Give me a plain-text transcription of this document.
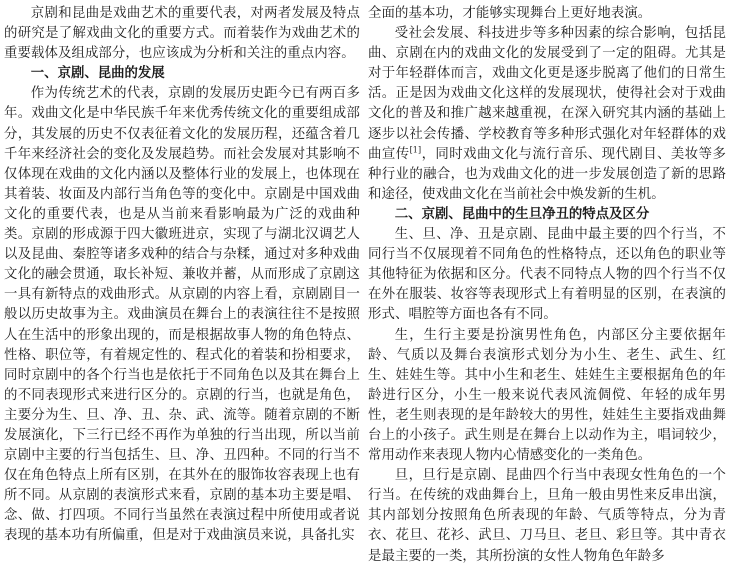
京剧和昆曲是戏曲艺术的重要代表，对两者发展及特点的研究是了解戏曲文化的重要方式。而着装作为戏曲艺术的重要载体及组成部分，也应该成为分析和关注的重点内容。

一、京剧、昆曲的发展

作为传统艺术的代表，京剧的发展历史距今已有两百多年。戏曲文化是中华民族千年来优秀传统文化的重要组成部分，其发展的历史不仅表征着文化的发展历程，还蕴含着几千年来经济社会的变化及发展趋势。而社会发展对其影响不仅体现在戏曲的文化内涵以及整体行业的发展上，也体现在其着装、妆面及内部行当角色等的变化中。京剧是中国戏曲文化的重要代表，也是从当前来看影响最为广泛的戏曲种类。京剧的形成源于四大徽班进京，实现了与湖北汉调艺人以及昆曲、秦腔等诸多戏种的结合与杂糅，通过对多种戏曲文化的融会贯通，取长补短、兼收并蓄，从而形成了京剧这一具有新特点的戏曲形式。从京剧的内容上看，京剧剧目一般以历史故事为主。戏曲演员在舞台上的表演往往不是按照人在生活中的形象出现的，而是根据故事人物的角色特点、性格、职位等，有着规定性的、程式化的着装和扮相要求，同时京剧中的各个行当也是依托于不同角色以及其在舞台上的不同表现形式来进行区分的。京剧的行当，也就是角色，主要分为生、旦、净、丑、杂、武、流等。随着京剧的不断发展演化，下三行已经不再作为单独的行当出现，所以当前京剧中主要的行当包括生、旦、净、丑四种。不同的行当不仅在角色特点上所有区别，在其外在的服饰妆容表现上也有所不同。从京剧的表演形式来看，京剧的基本功主要是唱、念、做、打四项。不同行当虽然在表演过程中所使用或者说表现的基本功有所偏重，但是对于戏曲演员来说，具备扎实

全面的基本功，才能够实现舞台上更好地表演。

受社会发展、科技进步等多种因素的综合影响，包括昆曲、京剧在内的戏曲文化的发展受到了一定的阻碍。尤其是对于年轻群体而言，戏曲文化更是逐步脱离了他们的日常生活。正是因为戏曲文化这样的发展现状，使得社会对于戏曲文化的普及和推广越来越重视，在深入研究其内涵的基础上逐步以社会传播、学校教育等多种形式强化对年轻群体的戏曲宣传[1]，同时戏曲文化与流行音乐、现代剧目、美妆等多种行业的融合，也为戏曲文化的进一步发展创造了新的思路和途径，使戏曲文化在当前社会中焕发新的生机。

二、京剧、昆曲中的生旦净丑的特点及区分

生、旦、净、丑是京剧、昆曲中最主要的四个行当，不同行当不仅展现着不同角色的性格特点，还以角色的职业等其他特征为依据和区分。代表不同特点人物的四个行当不仅在外在服装、妆容等表现形式上有着明显的区别，在表演的形式、唱腔等方面也各有不同。

生，生行主要是扮演男性角色，内部区分主要依据年龄、气质以及舞台表演形式划分为小生、老生、武生、红生、娃娃生等。其中小生和老生、娃娃生主要根据角色的年龄进行区分，小生一般来说代表风流倜傥、年轻的成年男性，老生则表现的是年龄较大的男性，娃娃生主要指戏曲舞台上的小孩子。武生则是在舞台上以动作为主，唱词较少，常用动作来表现人物内心情感变化的一类角色。

旦，旦行是京剧、昆曲四个行当中表现女性角色的一个行当。在传统的戏曲舞台上，旦角一般由男性来反串出演，其内部划分按照角色所表现的年龄、气质等特点，分为青衣、花旦、花衫、武旦、刀马旦、老旦、彩旦等。其中青衣是最主要的一类，其所扮演的女性人物角色年龄多
